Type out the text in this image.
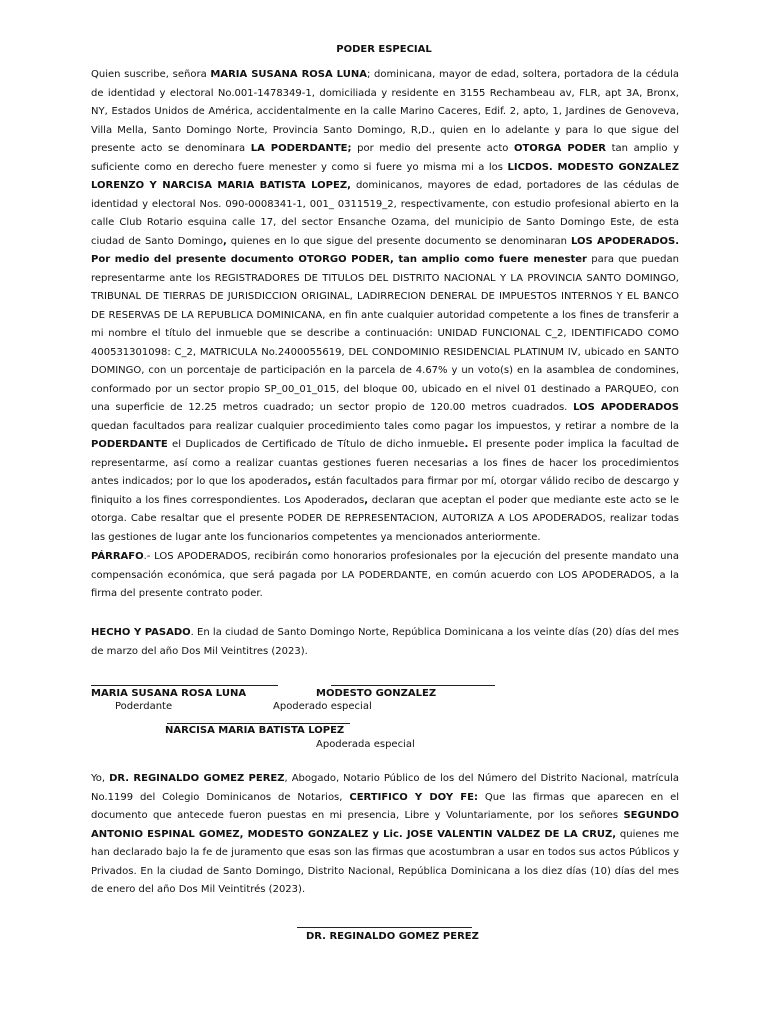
PODER ESPECIAL
Quien suscribe, señora MARIA SUSANA ROSA LUNA; dominicana, mayor de edad, soltera, portadora de la cédula de identidad y electoral No.001-1478349-1, domiciliada y residente en 3155 Rechambeau av, FLR, apt 3A, Bronx, NY, Estados Unidos de América, accidentalmente en la calle Marino Caceres, Edif. 2, apto, 1, Jardines de Genoveva, Villa Mella, Santo Domingo Norte, Provincia Santo Domingo, R,D., quien en lo adelante y para lo que sigue del presente acto se denominara LA PODERDANTE; por medio del presente acto OTORGA PODER tan amplio y suficiente como en derecho fuere menester y como si fuere yo misma mi a los LICDOS. MODESTO GONZALEZ LORENZO Y NARCISA MARIA BATISTA LOPEZ, dominicanos, mayores de edad, portadores de las cédulas de identidad y electoral Nos. 090-0008341-1, 001_ 0311519_2, respectivamente, con estudio profesional abierto en la calle Club Rotario esquina calle 17, del sector Ensanche Ozama, del municipio de Santo Domingo Este, de esta ciudad de Santo Domingo, quienes en lo que sigue del presente documento se denominaran LOS APODERADOS. Por medio del presente documento OTORGO PODER, tan amplio como fuere menester para que puedan representarme ante los REGISTRADORES DE TITULOS DEL DISTRITO NACIONAL Y LA PROVINCIA SANTO DOMINGO, TRIBUNAL DE TIERRAS DE JURISDICCION ORIGINAL, LADIRRECION DENERAL DE IMPUESTOS INTERNOS Y EL BANCO DE RESERVAS DE LA REPUBLICA DOMINICANA, en fin ante cualquier autoridad competente a los fines de transferir a mi nombre el título del inmueble que se describe a continuación: UNIDAD FUNCIONAL C_2, IDENTIFICADO COMO 400531301098: C_2, MATRICULA No.2400055619, DEL CONDOMINIO RESIDENCIAL PLATINUM IV, ubicado en SANTO DOMINGO, con un porcentaje de participación en la parcela de 4.67% y un voto(s) en la asamblea de condomines, conformado por un sector propio SP_00_01_015, del bloque 00, ubicado en el nivel 01 destinado a PARQUEO, con una superficie de 12.25 metros cuadrado; un sector propio de 120.00 metros cuadrados. LOS APODERADOS quedan facultados para realizar cualquier procedimiento tales como pagar los impuestos, y retirar a nombre de la PODERDANTE el Duplicados de Certificado de Título de dicho inmueble. El presente poder implica la facultad de representarme, así como a realizar cuantas gestiones fueren necesarias a los fines de hacer los procedimientos antes indicados; por lo que los apoderados, están facultados para firmar por mí, otorgar válido recibo de descargo y finiquito a los fines correspondientes. Los Apoderados, declaran que aceptan el poder que mediante este acto se le otorga. Cabe resaltar que el presente PODER DE REPRESENTACION, AUTORIZA A LOS APODERADOS, realizar todas las gestiones de lugar ante los funcionarios competentes ya mencionados anteriormente.
PÁRRAFO.- LOS APODERADOS, recibirán como honorarios profesionales por la ejecución del presente mandato una compensación económica, que será pagada por LA PODERDANTE, en común acuerdo con LOS APODERADOS, a la firma del presente contrato poder.
HECHO Y PASADO. En la ciudad de Santo Domingo Norte, República Dominicana a los veinte días (20) días del mes de marzo del año Dos Mil Veintitres (2023).
MARIA SUSANA ROSA LUNA
Poderdante
MODESTO GONZALEZ
Apoderado especial
NARCISA MARIA BATISTA LOPEZ
Apoderada especial
Yo, DR. REGINALDO GOMEZ PEREZ, Abogado, Notario Público de los del Número del Distrito Nacional, matrícula No.1199 del Colegio Dominicanos de Notarios, CERTIFICO Y DOY FE: Que las firmas que aparecen en el documento que antecede fueron puestas en mi presencia, Libre y Voluntariamente, por los señores SEGUNDO ANTONIO ESPINAL GOMEZ, MODESTO GONZALEZ y Lic. JOSE VALENTIN VALDEZ DE LA CRUZ, quienes me han declarado bajo la fe de juramento que esas son las firmas que acostumbran a usar en todos sus actos Públicos y Privados. En la ciudad de Santo Domingo, Distrito Nacional, República Dominicana a los diez días (10) días del mes de enero del año Dos Mil Veintitrés (2023).
DR. REGINALDO GOMEZ PEREZ
